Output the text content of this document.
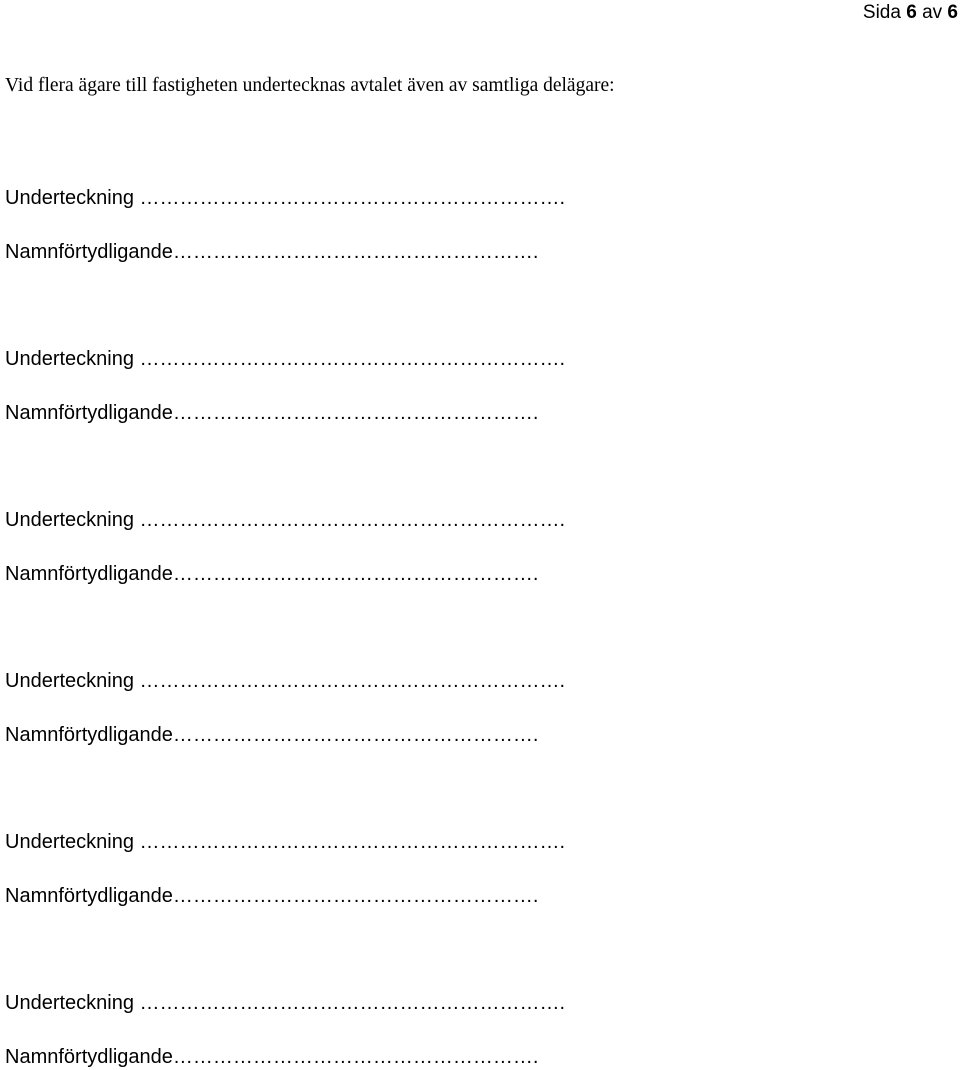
Sida 6 av 6
Vid flera ägare till fastigheten undertecknas avtalet även av samtliga delägare:
Underteckning ……………………………………………………….
Namnförtydligande……………………………………………….
Underteckning ……………………………………………………….
Namnförtydligande……………………………………………….
Underteckning ……………………………………………………….
Namnförtydligande……………………………………………….
Underteckning ……………………………………………………….
Namnförtydligande……………………………………………….
Underteckning ……………………………………………………….
Namnförtydligande……………………………………………….
Underteckning ……………………………………………………….
Namnförtydligande……………………………………………….
